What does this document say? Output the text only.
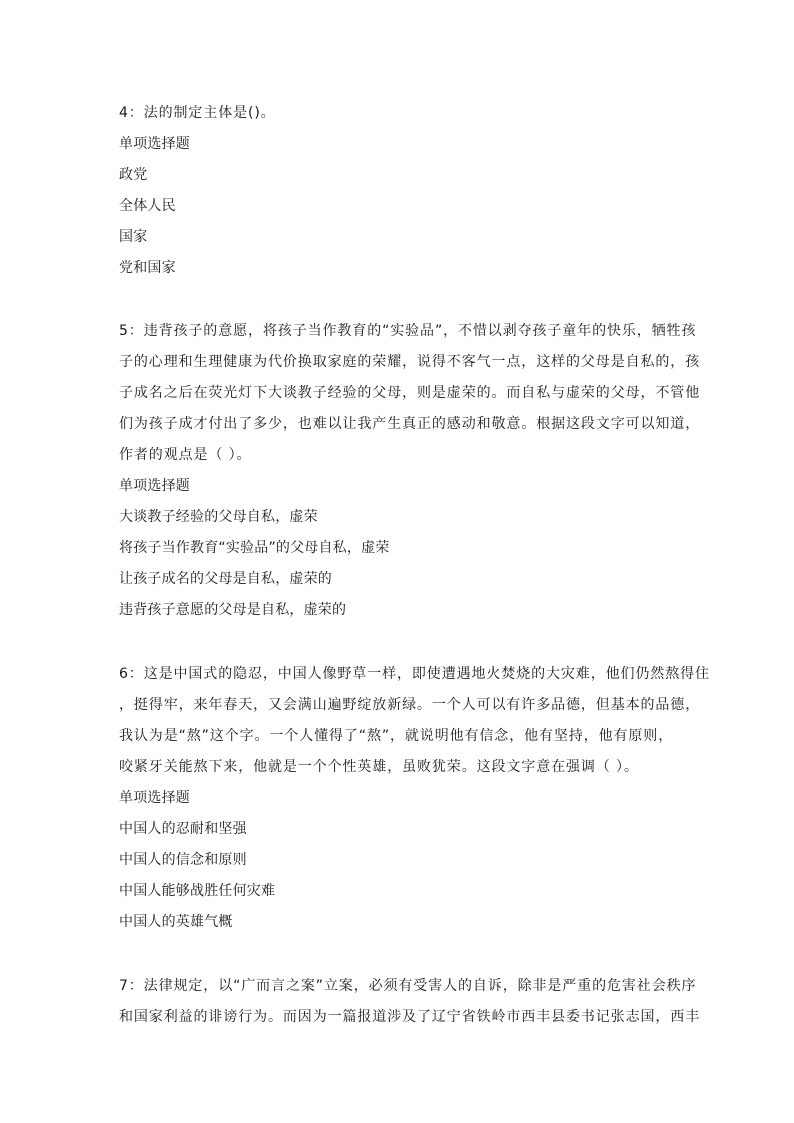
4：法的制定主体是()。
单项选择题
政党
全体人民
国家
党和国家
5：违背孩子的意愿，将孩子当作教育的“实验品”，不惜以剥夺孩子童年的快乐，牺牲孩
子的心理和生理健康为代价换取家庭的荣耀，说得不客气一点，这样的父母是自私的，孩
子成名之后在荧光灯下大谈教子经验的父母，则是虚荣的。而自私与虚荣的父母，不管他
们为孩子成才付出了多少，也难以让我产生真正的感动和敬意。根据这段文字可以知道，
作者的观点是（ ）。
单项选择题
大谈教子经验的父母自私，虚荣
将孩子当作教育“实验品”的父母自私，虚荣
让孩子成名的父母是自私，虚荣的
违背孩子意愿的父母是自私，虚荣的
6：这是中国式的隐忍，中国人像野草一样，即使遭遇地火焚烧的大灾难，他们仍然熬得住
，挺得牢，来年春天，又会满山遍野绽放新绿。一个人可以有许多品德，但基本的品德，
我认为是“熬”这个字。一个人懂得了“熬”，就说明他有信念，他有坚持，他有原则，
咬紧牙关能熬下来，他就是一个个性英雄，虽败犹荣。这段文字意在强调（ ）。
单项选择题
中国人的忍耐和坚强
中国人的信念和原则
中国人能够战胜任何灾难
中国人的英雄气概
7：法律规定，以“广而言之案”立案，必须有受害人的自诉，除非是严重的危害社会秩序
和国家利益的诽谤行为。而因为一篇报道涉及了辽宁省铁岭市西丰县委书记张志国，西丰
